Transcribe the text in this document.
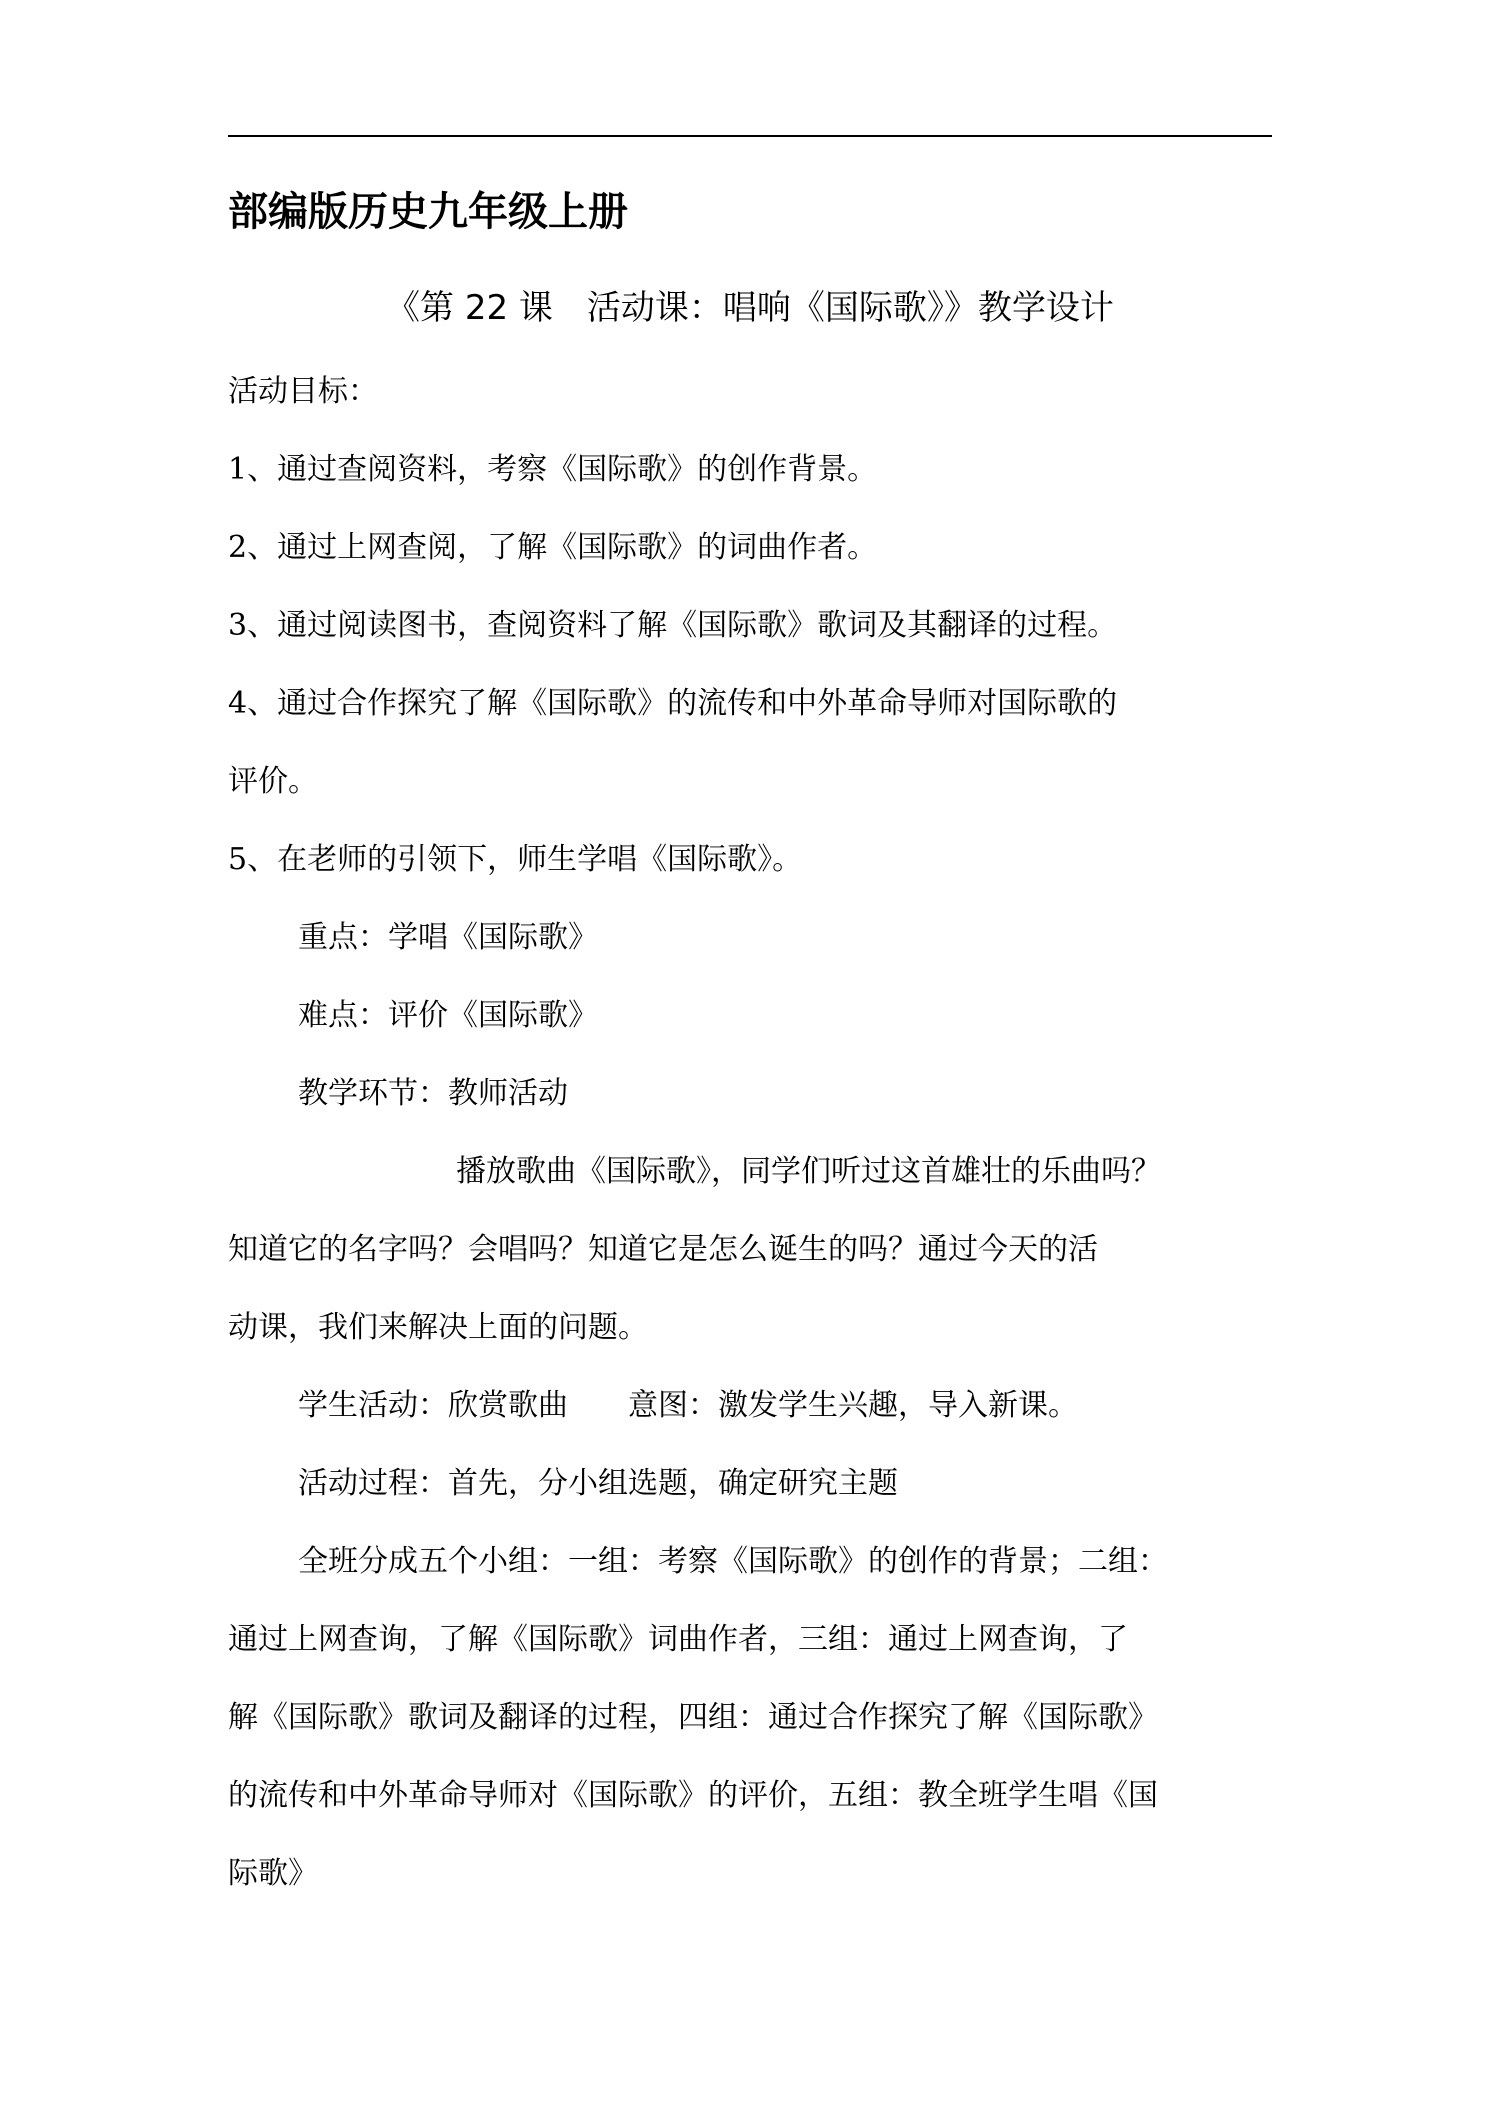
部编版历史九年级上册
《第 22 课　活动课：唱响《国际歌》》教学设计
活动目标：
1、通过查阅资料，考察《国际歌》的创作背景。
2、通过上网查阅，了解《国际歌》的词曲作者。
3、通过阅读图书，查阅资料了解《国际歌》歌词及其翻译的过程。
4、通过合作探究了解《国际歌》的流传和中外革命导师对国际歌的
评价。
5、在老师的引领下，师生学唱《国际歌》。
重点：学唱《国际歌》
难点：评价《国际歌》
教学环节：教师活动
播放歌曲《国际歌》，同学们听过这首雄壮的乐曲吗？
知道它的名字吗？会唱吗？知道它是怎么诞生的吗？通过今天的活
动课，我们来解决上面的问题。
学生活动：欣赏歌曲　　意图：激发学生兴趣，导入新课。
活动过程：首先，分小组选题，确定研究主题
全班分成五个小组：一组：考察《国际歌》的创作的背景；二组：
通过上网查询，了解《国际歌》词曲作者，三组：通过上网查询，了
解《国际歌》歌词及翻译的过程，四组：通过合作探究了解《国际歌》
的流传和中外革命导师对《国际歌》的评价，五组：教全班学生唱《国
际歌》
